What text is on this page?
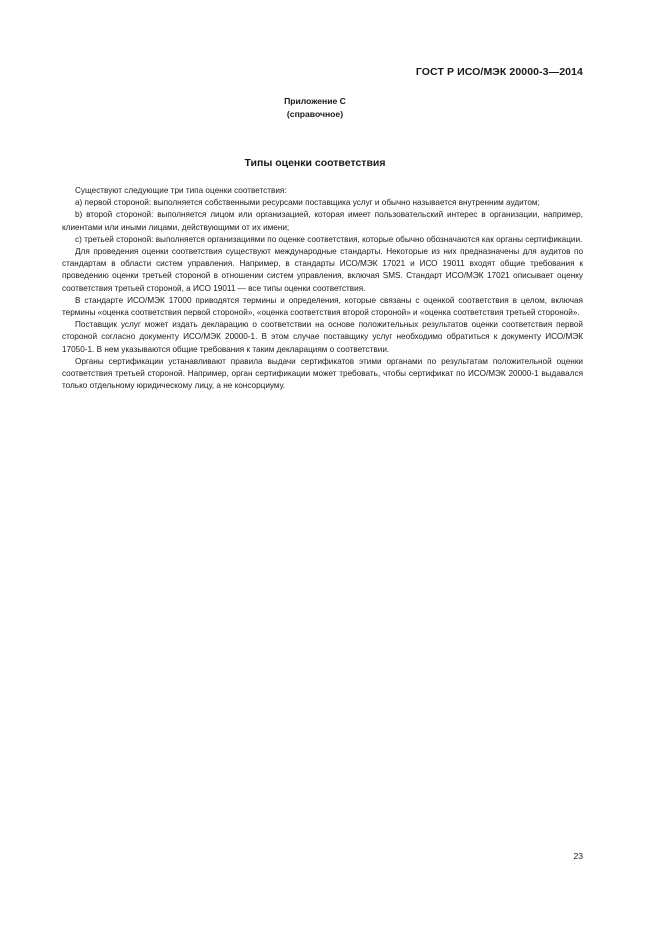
ГОСТ Р ИСО/МЭК 20000-3—2014
Приложение С
(справочное)
Типы оценки соответствия

Существуют следующие три типа оценки соответствия:

a) первой стороной: выполняется собственными ресурсами поставщика услуг и обычно называется внутренним аудитом;

b) второй стороной: выполняется лицом или организацией, которая имеет пользовательский интерес в организации, например, клиентами или иными лицами, действующими от их имени;

c) третьей стороной: выполняется организациями по оценке соответствия, которые обычно обозначаются как органы сертификации.

Для проведения оценки соответствия существуют международные стандарты. Некоторые из них предназначены для аудитов по стандартам в области систем управления. Например, в стандарты ИСО/МЭК 17021 и ИСО 19011 входят общие требования к проведению оценки третьей стороной в отношении систем управления, включая SMS. Стандарт ИСО/МЭК 17021 описывает оценку соответствия третьей стороной, а ИСО 19011 — все типы оценки соответствия.

В стандарте ИСО/МЭК 17000 приводятся термины и определения, которые связаны с оценкой соответствия в целом, включая термины «оценка соответствия первой стороной», «оценка соответствия второй стороной» и «оценка соответствия третьей стороной».

Поставщик услуг может издать декларацию о соответствии на основе положительных результатов оценки соответствия первой стороной согласно документу ИСО/МЭК 20000-1. В этом случае поставщику услуг необходимо обратиться к документу ИСО/МЭК 17050-1. В нем указываются общие требования к таким декларациям о соответствии.

Органы сертификации устанавливают правила выдачи сертификатов этими органами по результатам положительной оценки соответствия третьей стороной. Например, орган сертификации может требовать, чтобы сертификат по ИСО/МЭК 20000-1 выдавался только отдельному юридическому лицу, а не консорциуму.

23
